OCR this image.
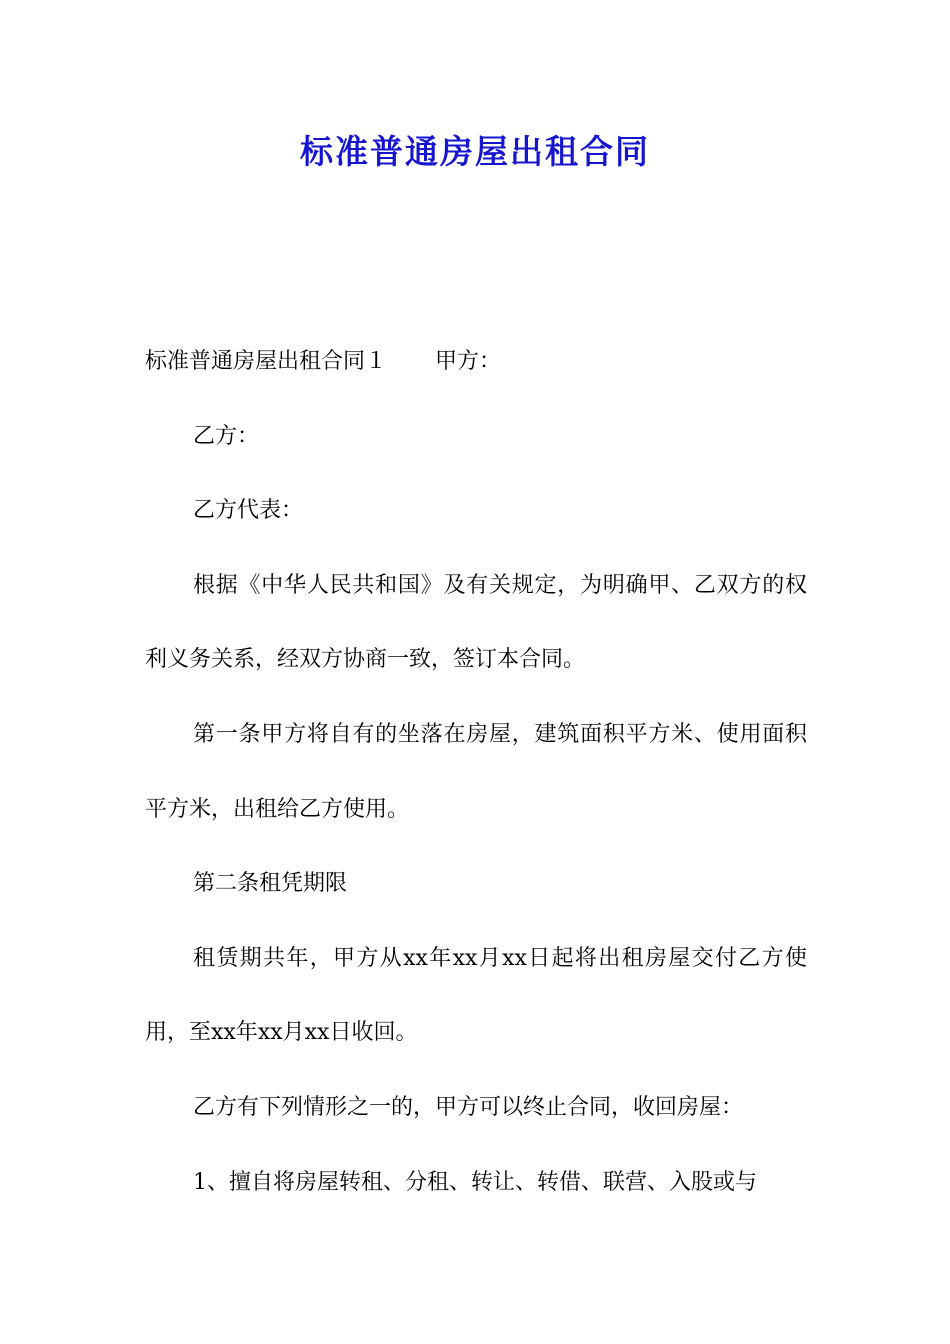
标准普通房屋出租合同

标准普通房屋出租合同１ 甲方：

乙方：

乙方代表：

根据《中华人民共和国》及有关规定，为明确甲、乙双方的权利义务关系，经双方协商一致，签订本合同。

第一条甲方将自有的坐落在房屋，建筑面积平方米、使用面积平方米，出租给乙方使用。

第二条租凭期限

租赁期共年，甲方从xx年xx月xx日起将出租房屋交付乙方使用，至xx年xx月xx日收回。

乙方有下列情形之一的，甲方可以终止合同，收回房屋：

1、擅自将房屋转租、分租、转让、转借、联营、入股或与
